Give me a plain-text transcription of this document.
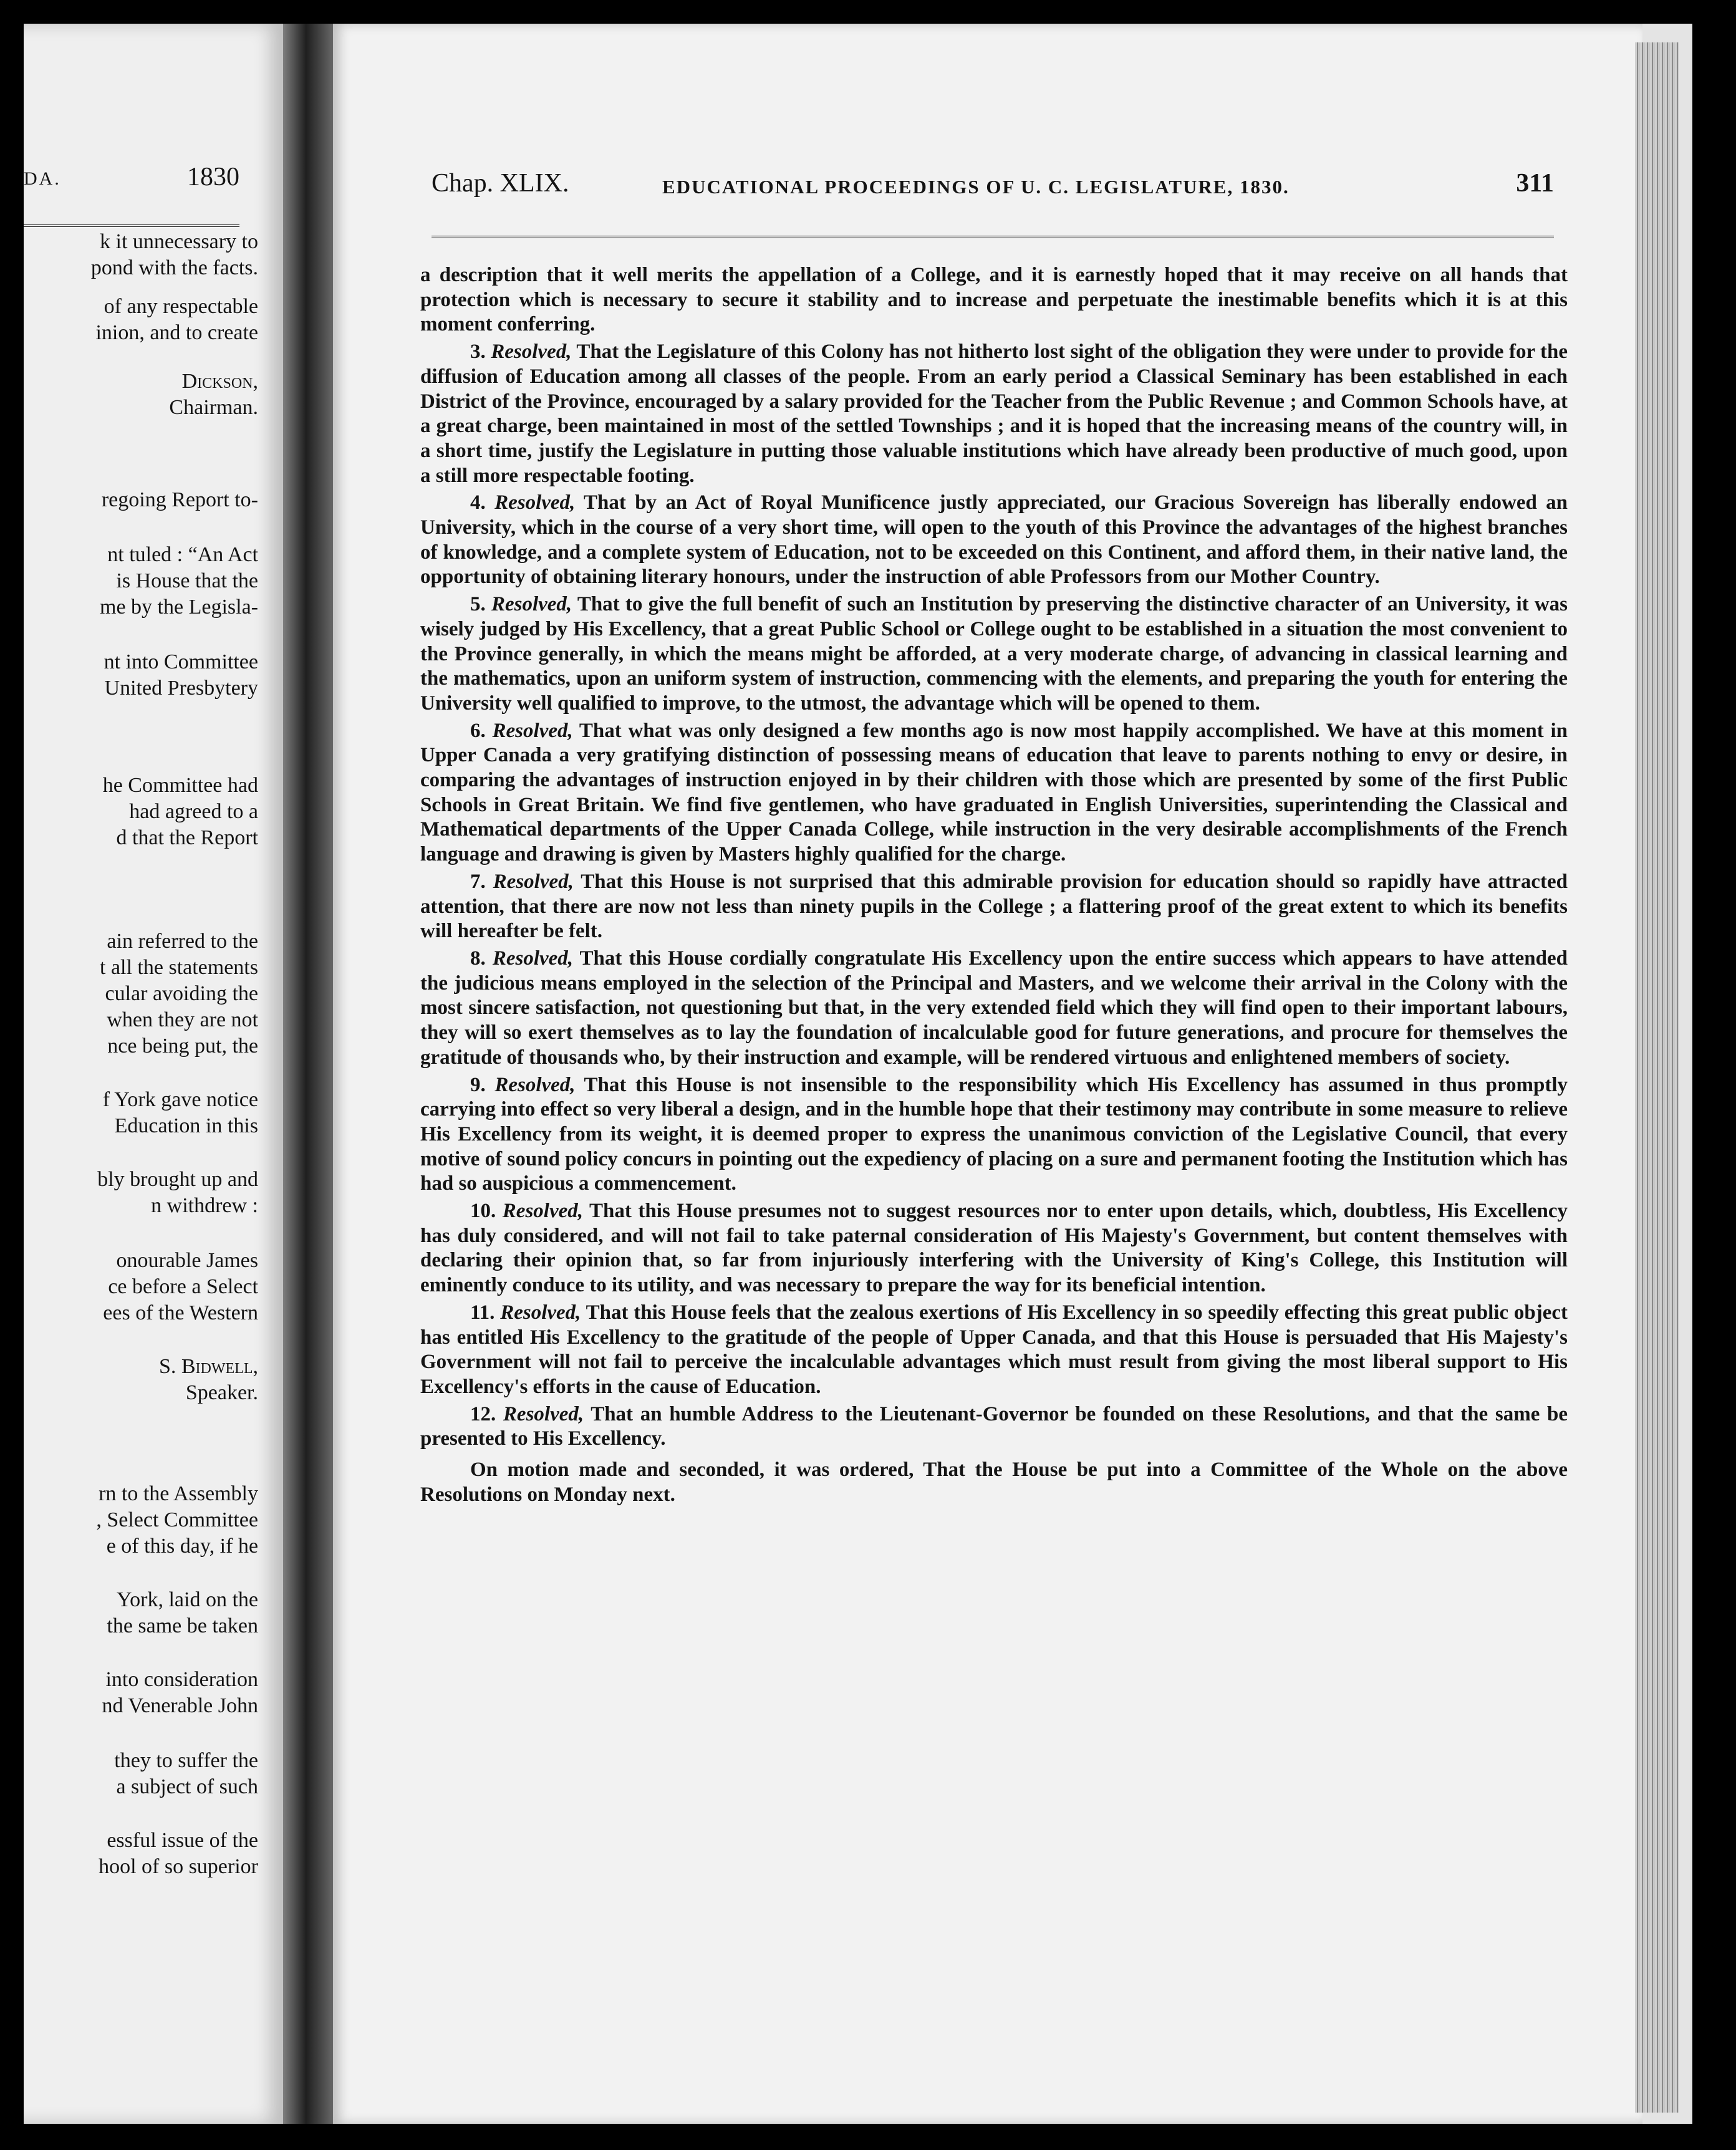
DA.	1830
k it unnecessary to
pond with the facts.
of any respectable
inion, and to create
Dickson,
Chairman.
regoing Report to-
nt tuled : “An Act
is House that the
me by the Legisla-
nt into Committee
United Presbytery
he Committee had
had agreed to a
d that the Report
ain referred to the
t all the statements
cular avoiding the
when they are not
nce being put, the
f York gave notice
Education in this
bly brought up and
n withdrew :
onourable James
ce before a Select
ees of the Western
S. Bidwell,
Speaker.
rn to the Assembly
, Select Committee
e of this day, if he
York, laid on the
the same be taken
into consideration
nd Venerable John
they to suffer the
a subject of such
essful issue of the
hool of so superior
Chap. XLIX.	EDUCATIONAL PROCEEDINGS OF U. C. LEGISLATURE, 1830.	311

a description that it well merits the appellation of a College, and it is earnestly hoped that it may receive on all hands that protection which is necessary to secure it stability and to increase and perpetuate the inestimable benefits which it is at this moment conferring.

3. Resolved, That the Legislature of this Colony has not hitherto lost sight of the obligation they were under to provide for the diffusion of Education among all classes of the people. From an early period a Classical Seminary has been established in each District of the Province, encouraged by a salary provided for the Teacher from the Public Revenue ; and Common Schools have, at a great charge, been maintained in most of the settled Townships ; and it is hoped that the increasing means of the country will, in a short time, justify the Legislature in putting those valuable institutions which have already been productive of much good, upon a still more respectable footing.

4. Resolved, That by an Act of Royal Munificence justly appreciated, our Gracious Sovereign has liberally endowed an University, which in the course of a very short time, will open to the youth of this Province the advantages of the highest branches of knowledge, and a complete system of Education, not to be exceeded on this Continent, and afford them, in their native land, the opportunity of obtaining literary honours, under the instruction of able Professors from our Mother Country.

5. Resolved, That to give the full benefit of such an Institution by preserving the distinctive character of an University, it was wisely judged by His Excellency, that a great Public School or College ought to be established in a situation the most convenient to the Province generally, in which the means might be afforded, at a very moderate charge, of advancing in classical learning and the mathematics, upon an uniform system of instruction, commencing with the elements, and preparing the youth for entering the University well qualified to improve, to the utmost, the advantage which will be opened to them.

6. Resolved, That what was only designed a few months ago is now most happily accomplished. We have at this moment in Upper Canada a very gratifying distinction of possessing means of education that leave to parents nothing to envy or desire, in comparing the advantages of instruction enjoyed in by their children with those which are presented by some of the first Public Schools in Great Britain. We find five gentlemen, who have graduated in English Universities, superintending the Classical and Mathematical departments of the Upper Canada College, while instruction in the very desirable accomplishments of the French language and drawing is given by Masters highly qualified for the charge.

7. Resolved, That this House is not surprised that this admirable provision for education should so rapidly have attracted attention, that there are now not less than ninety pupils in the College ; a flattering proof of the great extent to which its benefits will hereafter be felt.

8. Resolved, That this House cordially congratulate His Excellency upon the entire success which appears to have attended the judicious means employed in the selection of the Principal and Masters, and we welcome their arrival in the Colony with the most sincere satisfaction, not questioning but that, in the very extended field which they will find open to their important labours, they will so exert themselves as to lay the foundation of incalculable good for future generations, and procure for themselves the gratitude of thousands who, by their instruction and example, will be rendered virtuous and enlightened members of society.

9. Resolved, That this House is not insensible to the responsibility which His Excellency has assumed in thus promptly carrying into effect so very liberal a design, and in the humble hope that their testimony may contribute in some measure to relieve His Excellency from its weight, it is deemed proper to express the unanimous conviction of the Legislative Council, that every motive of sound policy concurs in pointing out the expediency of placing on a sure and permanent footing the Institution which has had so auspicious a commencement.

10. Resolved, That this House presumes not to suggest resources nor to enter upon details, which, doubtless, His Excellency has duly considered, and will not fail to take paternal consideration of His Majesty's Government, but content themselves with declaring their opinion that, so far from injuriously interfering with the University of King's College, this Institution will eminently conduce to its utility, and was necessary to prepare the way for its beneficial intention.

11. Resolved, That this House feels that the zealous exertions of His Excellency in so speedily effecting this great public object has entitled His Excellency to the gratitude of the people of Upper Canada, and that this House is persuaded that His Majesty's Government will not fail to perceive the incalculable advantages which must result from giving the most liberal support to His Excellency's efforts in the cause of Education.

12. Resolved, That an humble Address to the Lieutenant-Governor be founded on these Resolutions, and that the same be presented to His Excellency.

On motion made and seconded, it was ordered, That the House be put into a Committee of the Whole on the above Resolutions on Monday next.
